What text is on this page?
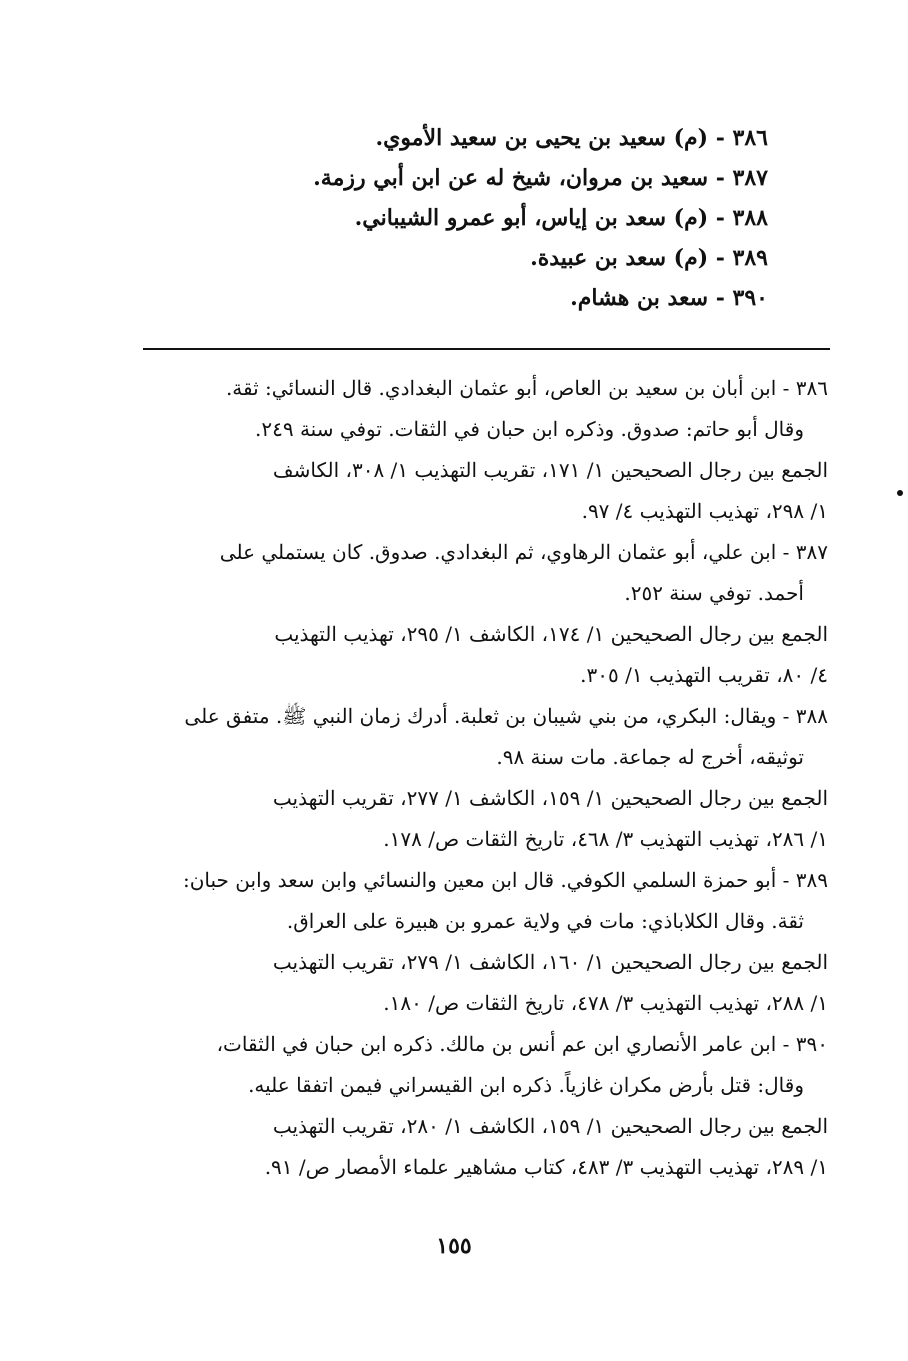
٣٨٦ - (م) سعيد بن يحيى بن سعيد الأموي.
٣٨٧ - سعيد بن مروان، شيخ له عن ابن أبي رزمة.
٣٨٨ - (م) سعد بن إياس، أبو عمرو الشيباني.
٣٨٩ - (م) سعد بن عبيدة.
٣٩٠ - سعد بن هشام.
٣٨٦ - ابن أبان بن سعيد بن العاص، أبو عثمان البغدادي. قال النسائي: ثقة.
وقال أبو حاتم: صدوق. وذكره ابن حبان في الثقات. توفي سنة ٢٤٩.
الجمع بين رجال الصحيحين ١/ ١٧١، تقريب التهذيب ١/ ٣٠٨، الكاشف
١/ ٢٩٨، تهذيب التهذيب ٤/ ٩٧.
٣٨٧ - ابن علي، أبو عثمان الرهاوي، ثم البغدادي. صدوق. كان يستملي على
أحمد. توفي سنة ٢٥٢.
الجمع بين رجال الصحيحين ١/ ١٧٤، الكاشف ١/ ٢٩٥، تهذيب التهذيب
٤/ ٨٠، تقريب التهذيب ١/ ٣٠٥.
٣٨٨ - ويقال: البكري، من بني شيبان بن ثعلبة. أدرك زمان النبي ﷺ. متفق على
توثيقه، أخرج له جماعة. مات سنة ٩٨.
الجمع بين رجال الصحيحين ١/ ١٥٩، الكاشف ١/ ٢٧٧، تقريب التهذيب
١/ ٢٨٦، تهذيب التهذيب ٣/ ٤٦٨، تاريخ الثقات ص/ ١٧٨.
٣٨٩ - أبو حمزة السلمي الكوفي. قال ابن معين والنسائي وابن سعد وابن حبان:
ثقة. وقال الكلاباذي: مات في ولاية عمرو بن هبيرة على العراق.
الجمع بين رجال الصحيحين ١/ ١٦٠، الكاشف ١/ ٢٧٩، تقريب التهذيب
١/ ٢٨٨، تهذيب التهذيب ٣/ ٤٧٨، تاريخ الثقات ص/ ١٨٠.
٣٩٠ - ابن عامر الأنصاري ابن عم أنس بن مالك. ذكره ابن حبان في الثقات،
وقال: قتل بأرض مكران غازياً. ذكره ابن القيسراني فيمن اتفقا عليه.
الجمع بين رجال الصحيحين ١/ ١٥٩، الكاشف ١/ ٢٨٠، تقريب التهذيب
١/ ٢٨٩، تهذيب التهذيب ٣/ ٤٨٣، كتاب مشاهير علماء الأمصار ص/ ٩١.
١٥٥
